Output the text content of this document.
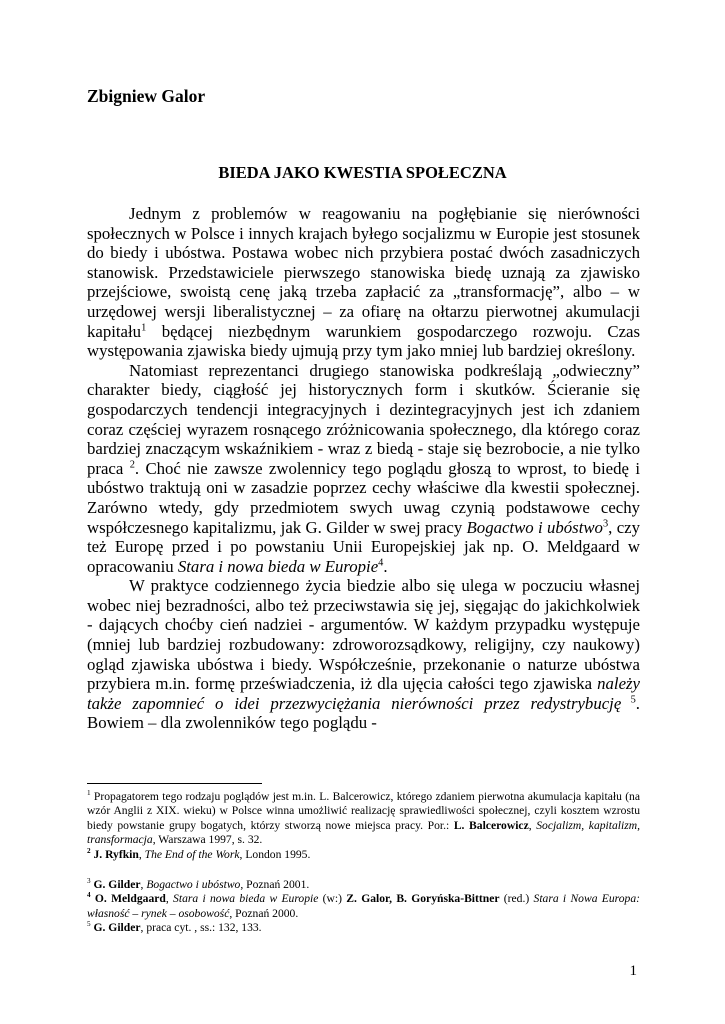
Zbigniew Galor
BIEDA JAKO KWESTIA SPOŁECZNA

Jednym z problemów w reagowaniu na pogłębianie się nierówności społecznych w Polsce i innych krajach byłego socjalizmu w Europie jest stosunek do biedy i ubóstwa. Postawa wobec nich przybiera postać dwóch zasadniczych stanowisk. Przedstawiciele pierwszego stanowiska biedę uznają za zjawisko przejściowe, swoistą cenę jaką trzeba zapłacić za „transformację”, albo – w urzędowej wersji liberalistycznej – za ofiarę na ołtarzu pierwotnej akumulacji kapitału$^1$ będącej niezbędnym warunkiem gospodarczego rozwoju. Czas występowania zjawiska biedy ujmują przy tym jako mniej lub bardziej określony.

Natomiast reprezentanci drugiego stanowiska podkreślają „odwieczny” charakter biedy, ciągłość jej historycznych form i skutków. Ścieranie się gospodarczych tendencji integracyjnych i dezintegracyjnych jest ich zdaniem coraz częściej wyrazem rosnącego zróżnicowania społecznego, dla którego coraz bardziej znaczącym wskaźnikiem - wraz z biedą - staje się bezrobocie, a nie tylko praca $^2$. Choć nie zawsze zwolennicy tego poglądu głoszą to wprost, to biedę i ubóstwo traktują oni w zasadzie poprzez cechy właściwe dla kwestii społecznej. Zarówno wtedy, gdy przedmiotem swych uwag czynią podstawowe cechy współczesnego kapitalizmu, jak G. Gilder w swej pracy Bogactwo i ubóstwo$^3$, czy też Europę przed i po powstaniu Unii Europejskiej jak np. O. Meldgaard w opracowaniu Stara i nowa bieda w Europie$^4$.

W praktyce codziennego życia biedzie albo się ulega w poczuciu własnej wobec niej bezradności, albo też przeciwstawia się jej, sięgając do jakichkolwiek - dających choćby cień nadziei - argumentów. W każdym przypadku występuje (mniej lub bardziej rozbudowany: zdroworozsądkowy, religijny, czy naukowy) ogląd zjawiska ubóstwa i biedy. Współcześnie, przekonanie o naturze ubóstwa przybiera m.in. formę przeświadczenia, iż dla ujęcia całości tego zjawiska należy także zapomnieć o idei przezwyciężania nierówności przez redystrybucję $^5$. Bowiem – dla zwolenników tego poglądu -

$^1$ Propagatorem tego rodzaju poglądów jest m.in. L. Balcerowicz, którego zdaniem pierwotna akumulacja kapitału (na wzór Anglii z XIX. wieku) w Polsce winna umożliwić realizację sprawiedliwości społecznej, czyli kosztem wzrostu biedy powstanie grupy bogatych, którzy stworzą nowe miejsca pracy. Por.: L. Balcerowicz, Socjalizm, kapitalizm, transformacja, Warszawa 1997, s. 32.

$^2$ J. Ryfkin, The End of the Work, London 1995.

$^3$ G. Gilder, Bogactwo i ubóstwo, Poznań 2001.

$^4$ O. Meldgaard, Stara i nowa bieda w Europie (w:) Z. Galor, B. Goryńska-Bittner (red.) Stara i Nowa Europa: własność – rynek – osobowość, Poznań 2000.

$^5$ G. Gilder, praca cyt. , ss.: 132, 133.

1
